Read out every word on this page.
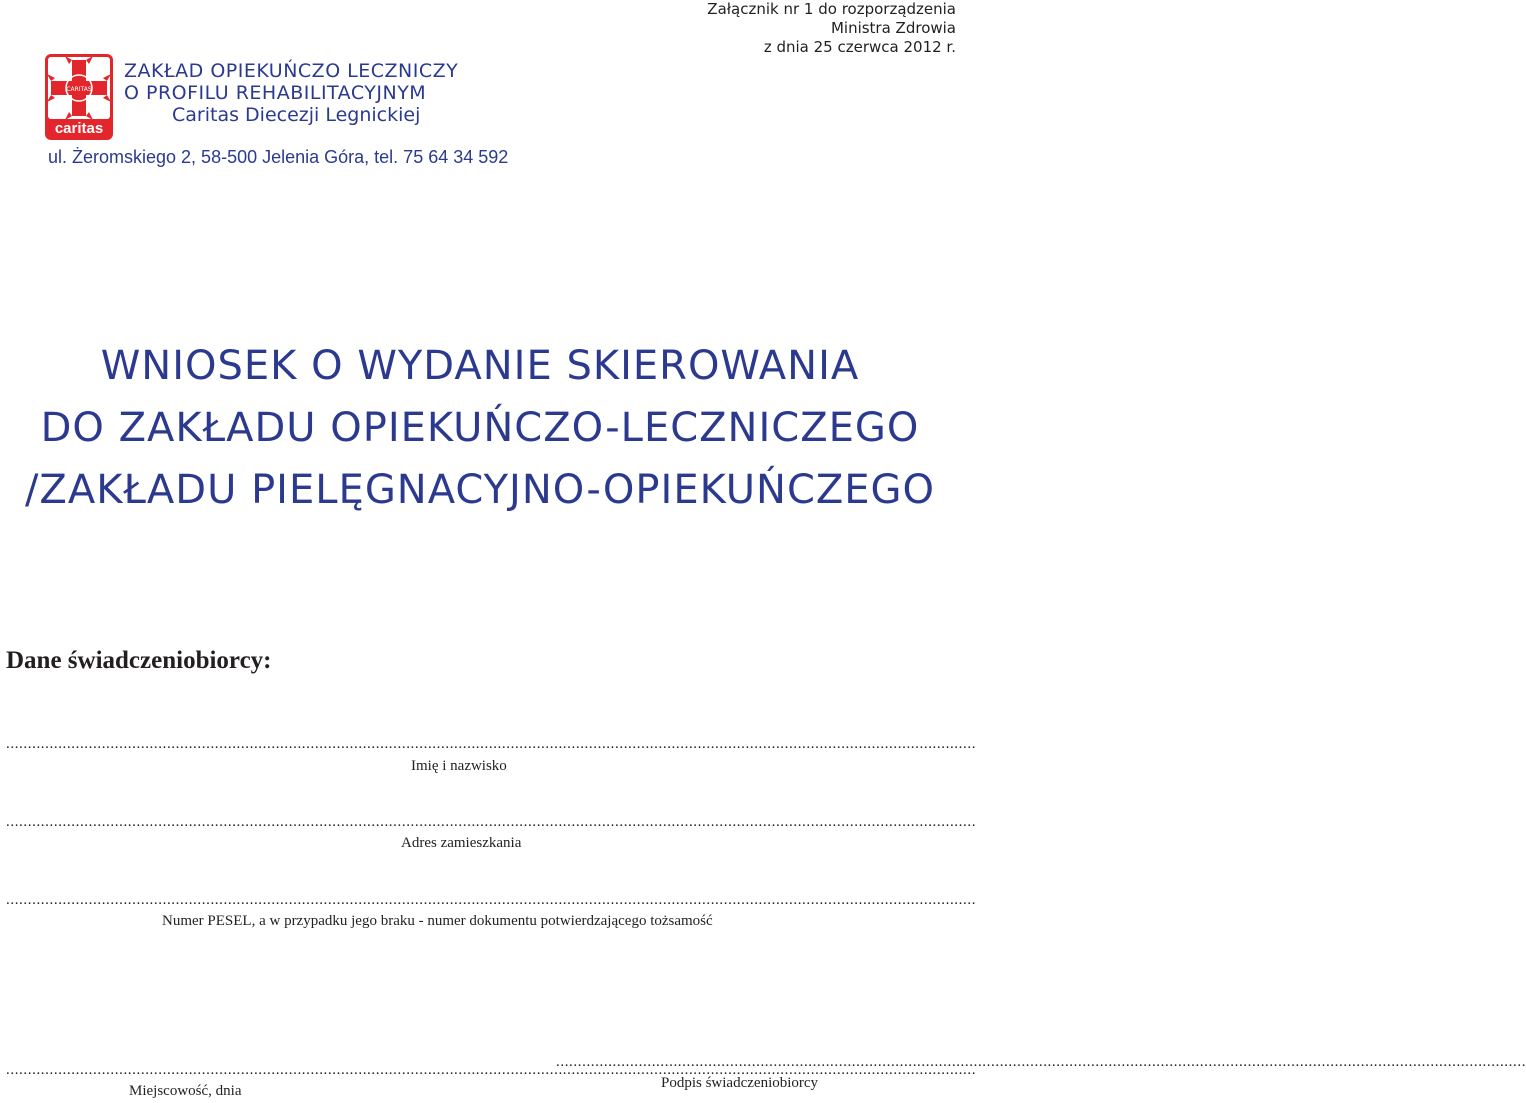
Załącznik nr 1 do rozporządzenia
Ministra Zdrowia
z dnia 25 czerwca 2012 r.
CARITAS
caritas
ZAKŁAD OPIEKUŃCZO LECZNICZY
O PROFILU REHABILITACYJNYM
Caritas Diecezji Legnickiej
ul. Żeromskiego 2, 58-500 Jelenia Góra, tel. 75 64 34 592
WNIOSEK O WYDANIE SKIEROWANIA
DO ZAKŁADU OPIEKUŃCZO-LECZNICZEGO
/ZAKŁADU PIELĘGNACYJNO-OPIEKUŃCZEGO
Dane świadczeniobiorcy:
...............................................................................................................................................................................................................................
Imię i nazwisko
...............................................................................................................................................................................................................................
Adres zamieszkania
...............................................................................................................................................................................................................................
Numer PESEL, a w przypadku jego braku - numer dokumentu potwierdzającego tożsamość
...............................................................................................................................................................................................................................
Miejscowość, dnia
...............................................................................................................................................................................................................................
Podpis świadczeniobiorcy
